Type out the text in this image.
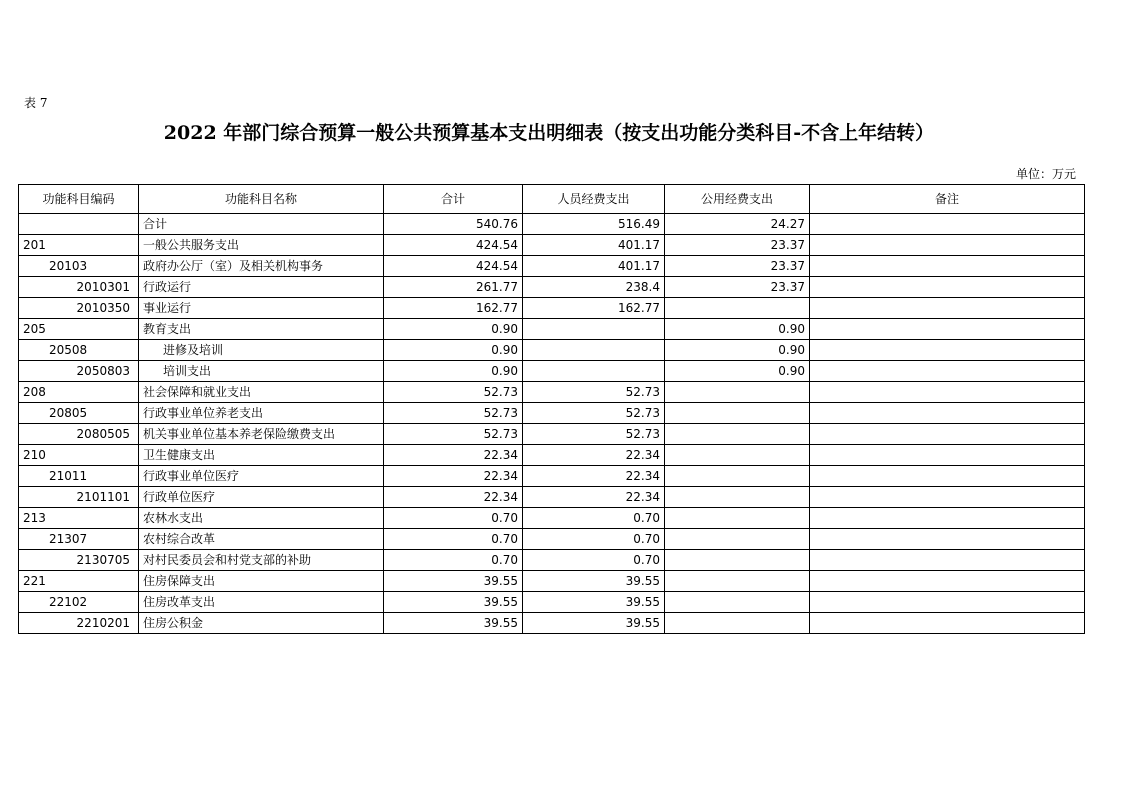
表 7
2022 年部门综合预算一般公共预算基本支出明细表（按支出功能分类科目-不含上年结转）
单位：万元
功能科目编码	功能科目名称	合计	人员经费支出	公用经费支出	备注
	合计	540.76	516.49	24.27	
201	一般公共服务支出	424.54	401.17	23.37	
20103	政府办公厅（室）及相关机构事务	424.54	401.17	23.37	
2010301	行政运行	261.77	238.4	23.37	
2010350	事业运行	162.77	162.77		
205	教育支出	0.90		0.90	
20508	进修及培训	0.90		0.90	
2050803	培训支出	0.90		0.90	
208	社会保障和就业支出	52.73	52.73		
20805	行政事业单位养老支出	52.73	52.73		
2080505	机关事业单位基本养老保险缴费支出	52.73	52.73		
210	卫生健康支出	22.34	22.34		
21011	行政事业单位医疗	22.34	22.34		
2101101	行政单位医疗	22.34	22.34		
213	农林水支出	0.70	0.70		
21307	农村综合改革	0.70	0.70		
2130705	对村民委员会和村党支部的补助	0.70	0.70		
221	住房保障支出	39.55	39.55		
22102	住房改革支出	39.55	39.55		
2210201	住房公积金	39.55	39.55		
